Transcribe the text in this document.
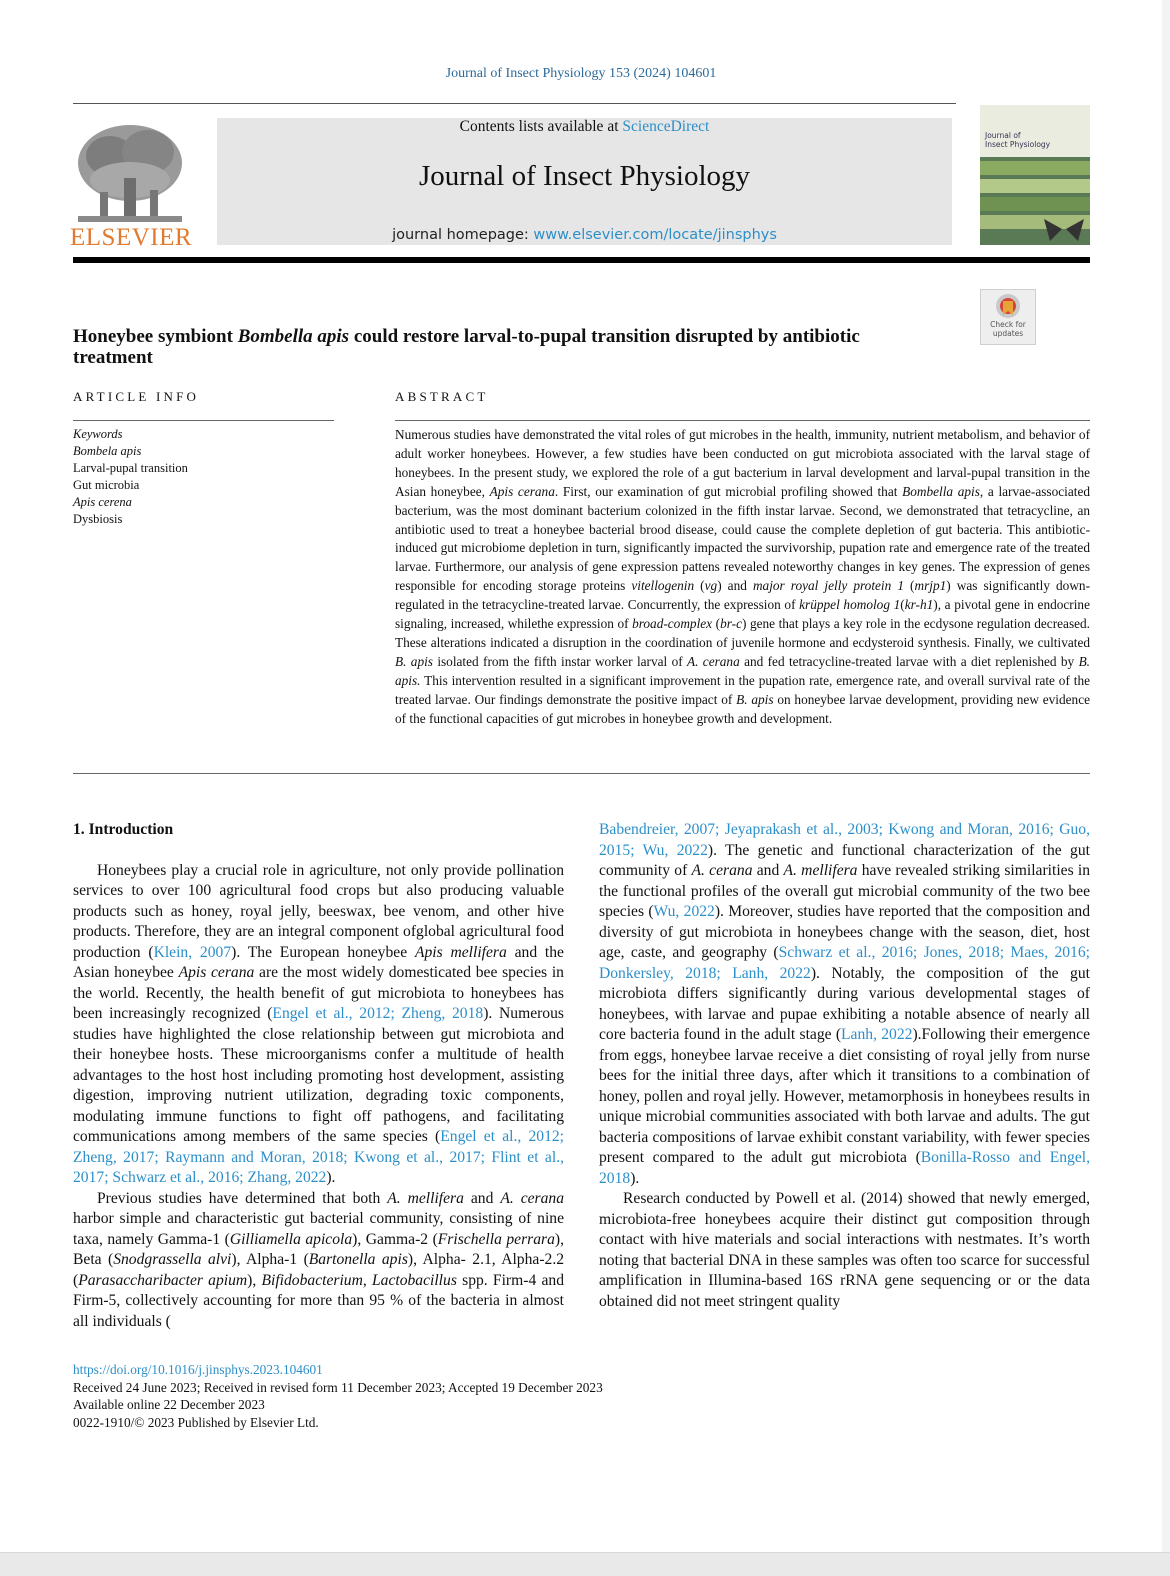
Journal of Insect Physiology 153 (2024) 104601
ELSEVIER
Contents lists available at ScienceDirect
Journal of Insect Physiology
journal homepage: www.elsevier.com/locate/jinsphys
Journal of
Insect Physiology
Check for
updates
Honeybee symbiont Bombella apis could restore larval-to-pupal transition disrupted by antibiotic treatment
ARTICLE INFO	ABSTRACT
Keywords
Bombela apis
Larval-pupal transition
Gut microbia
Apis cerena
Dysbiosis
Numerous studies have demonstrated the vital roles of gut microbes in the health, immunity, nutrient metabolism, and behavior of adult worker honeybees. However, a few studies have been conducted on gut microbiota associated with the larval stage of honeybees. In the present study, we explored the role of a gut bacterium in larval development and larval-pupal transition in the Asian honeybee, Apis cerana. First, our examination of gut microbial profiling showed that Bombella apis, a larvae-associated bacterium, was the most dominant bacterium colonized in the fifth instar larvae. Second, we demonstrated that tetracycline, an antibiotic used to treat a honeybee bacterial brood disease, could cause the complete depletion of gut bacteria. This antibiotic-induced gut microbiome depletion in turn, significantly impacted the survivorship, pupation rate and emergence rate of the treated larvae. Furthermore, our analysis of gene expression pattens revealed noteworthy changes in key genes. The expression of genes responsible for encoding storage proteins vitellogenin (vg) and major royal jelly protein 1 (mrjp1) was significantly down-regulated in the tetracycline-treated larvae. Concurrently, the expression of krüppel homolog 1(kr-h1), a pivotal gene in endocrine signaling, increased, whilethe expression of broad-complex (br-c) gene that plays a key role in the ecdysone regulation decreased. These alterations indicated a disruption in the coordination of juvenile hormone and ecdysteroid synthesis. Finally, we cultivated B. apis isolated from the fifth instar worker larval of A. cerana and fed tetracycline-treated larvae with a diet replenished by B. apis. This intervention resulted in a significant improvement in the pupation rate, emergence rate, and overall survival rate of the treated larvae. Our findings demonstrate the positive impact of B. apis on honeybee larvae development, providing new evidence of the functional capacities of gut microbes in honeybee growth and development.
1. Introduction

Honeybees play a crucial role in agriculture, not only provide pollination services to over 100 agricultural food crops but also producing valuable products such as honey, royal jelly, beeswax, bee venom, and other hive products. Therefore, they are an integral component ofglobal agricultural food production (Klein, 2007). The European honeybee Apis mellifera and the Asian honeybee Apis cerana are the most widely domesticated bee species in the world. Recently, the health benefit of gut microbiota to honeybees has been increasingly recognized (Engel et al., 2012; Zheng, 2018). Numerous studies have highlighted the close relationship between gut microbiota and their honeybee hosts. These microorganisms confer a multitude of health advantages to the host host including promoting host development, assisting digestion, improving nutrient utilization, degrading toxic components, modulating immune functions to fight off pathogens, and facilitating communications among members of the same species (Engel et al., 2012; Zheng, 2017; Raymann and Moran, 2018; Kwong et al., 2017; Flint et al., 2017; Schwarz et al., 2016; Zhang, 2022).

Previous studies have determined that both A. mellifera and A. cerana harbor simple and characteristic gut bacterial community, consisting of nine taxa, namely Gamma-1 (Gilliamella apicola), Gamma-2 (Frischella perrara), Beta (Snodgrassella alvi), Alpha-1 (Bartonella apis), Alpha- 2.1, Alpha-2.2 (Parasaccharibacter apium), Bifidobacterium, Lactobacillus spp. Firm-4 and Firm-5, collectively accounting for more than 95 % of the bacteria in almost all individuals (

Babendreier, 2007; Jeyaprakash et al., 2003; Kwong and Moran, 2016; Guo, 2015; Wu, 2022). The genetic and functional characterization of the gut community of A. cerana and A. mellifera have revealed striking similarities in the functional profiles of the overall gut microbial community of the two bee species (Wu, 2022). Moreover, studies have reported that the composition and diversity of gut microbiota in honeybees change with the season, diet, host age, caste, and geography (Schwarz et al., 2016; Jones, 2018; Maes, 2016; Donkersley, 2018; Lanh, 2022). Notably, the composition of the gut microbiota differs significantly during various developmental stages of honeybees, with larvae and pupae exhibiting a notable absence of nearly all core bacteria found in the adult stage (Lanh, 2022).Following their emergence from eggs, honeybee larvae receive a diet consisting of royal jelly from nurse bees for the initial three days, after which it transitions to a combination of honey, pollen and royal jelly. However, metamorphosis in honeybees results in unique microbial communities associated with both larvae and adults. The gut bacteria compositions of larvae exhibit constant variability, with fewer species present compared to the adult gut microbiota (Bonilla-Rosso and Engel, 2018).

Research conducted by Powell et al. (2014) showed that newly emerged, microbiota-free honeybees acquire their distinct gut composition through contact with hive materials and social interactions with nestmates. It’s worth noting that bacterial DNA in these samples was often too scarce for successful amplification in Illumina-based 16S rRNA gene sequencing or or the data obtained did not meet stringent quality

https://doi.org/10.1016/j.jinsphys.2023.104601
Received 24 June 2023; Received in revised form 11 December 2023; Accepted 19 December 2023
Available online 22 December 2023
0022-1910/© 2023 Published by Elsevier Ltd.
